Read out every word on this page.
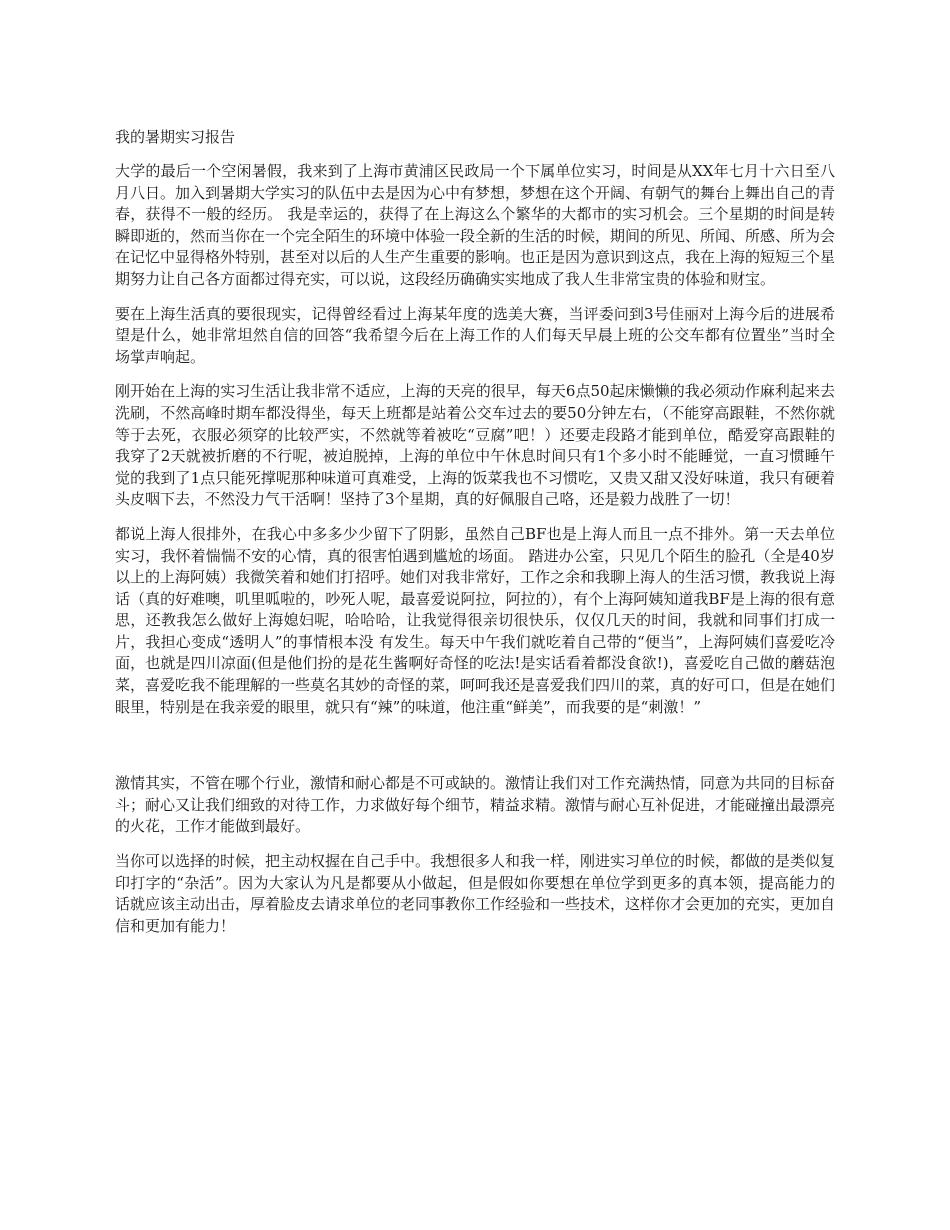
我的暑期实习报告

大学的最后一个空闲暑假，我来到了上海市黄浦区民政局一个下属单位实习，时间是从XX年七月十六日至八月八日。加入到暑期大学实习的队伍中去是因为心中有梦想，梦想在这个开阔、有朝气的舞台上舞出自己的青春，获得不一般的经历。 我是幸运的，获得了在上海这么个繁华的大都市的实习机会。三个星期的时间是转瞬即逝的，然而当你在一个完全陌生的环境中体验一段全新的生活的时候，期间的所见、所闻、所感、所为会在记忆中显得格外特别，甚至对以后的人生产生重要的影响。也正是因为意识到这点，我在上海的短短三个星期努力让自己各方面都过得充实，可以说，这段经历确确实实地成了我人生非常宝贵的体验和财宝。

要在上海生活真的要很现实，记得曾经看过上海某年度的选美大赛，当评委问到3号佳丽对上海今后的进展希望是什么，她非常坦然自信的回答“我希望今后在上海工作的人们每天早晨上班的公交车都有位置坐”当时全场掌声响起。

刚开始在上海的实习生活让我非常不适应，上海的天亮的很早，每天6点50起床懒懒的我必须动作麻利起来去洗刷，不然高峰时期车都没得坐，每天上班都是站着公交车过去的要50分钟左右，（不能穿高跟鞋，不然你就等于去死，衣服必须穿的比较严实，不然就等着被吃“豆腐”吧！）还要走段路才能到单位，酷爱穿高跟鞋的我穿了2天就被折磨的不行呢，被迫脱掉，上海的单位中午休息时间只有1个多小时不能睡觉，一直习惯睡午觉的我到了1点只能死撑呢那种味道可真难受，上海的饭菜我也不习惯吃，又贵又甜又没好味道，我只有硬着头皮咽下去，不然没力气干活啊！坚持了3个星期，真的好佩服自己咯，还是毅力战胜了一切！

都说上海人很排外，在我心中多多少少留下了阴影，虽然自己BF也是上海人而且一点不排外。第一天去单位实习，我怀着惴惴不安的心情，真的很害怕遇到尴尬的场面。 踏进办公室，只见几个陌生的脸孔（全是40岁以上的上海阿姨）我微笑着和她们打招呼。她们对我非常好，工作之余和我聊上海人的生活习惯，教我说上海话（真的好难噢，叽里呱啦的，吵死人呢，最喜爱说阿拉，阿拉的），有个上海阿姨知道我BF是上海的很有意思，还教我怎么做好上海媳妇呢，哈哈哈，让我觉得很亲切很快乐，仅仅几天的时间，我就和同事们打成一片，我担心变成“透明人”的事情根本没 有发生。每天中午我们就吃着自己带的“便当”，上海阿姨们喜爱吃冷面，也就是四川凉面(但是他们扮的是花生酱啊好奇怪的吃法!是实话看着都没食欲!)，喜爱吃自己做的蘑菇泡菜，喜爱吃我不能理解的一些莫名其妙的奇怪的菜，呵呵我还是喜爱我们四川的菜，真的好可口，但是在她们眼里，特别是在我亲爱的眼里，就只有“辣”的味道，他注重“鲜美”，而我要的是“刺激！”

激情其实，不管在哪个行业，激情和耐心都是不可或缺的。激情让我们对工作充满热情，同意为共同的目标奋斗；耐心又让我们细致的对待工作，力求做好每个细节，精益求精。激情与耐心互补促进，才能碰撞出最漂亮的火花，工作才能做到最好。

当你可以选择的时候，把主动权握在自己手中。我想很多人和我一样，刚进实习单位的时候，都做的是类似复印打字的“杂活”。因为大家认为凡是都要从小做起，但是假如你要想在单位学到更多的真本领，提高能力的话就应该主动出击，厚着脸皮去请求单位的老同事教你工作经验和一些技术，这样你才会更加的充实，更加自信和更加有能力！
